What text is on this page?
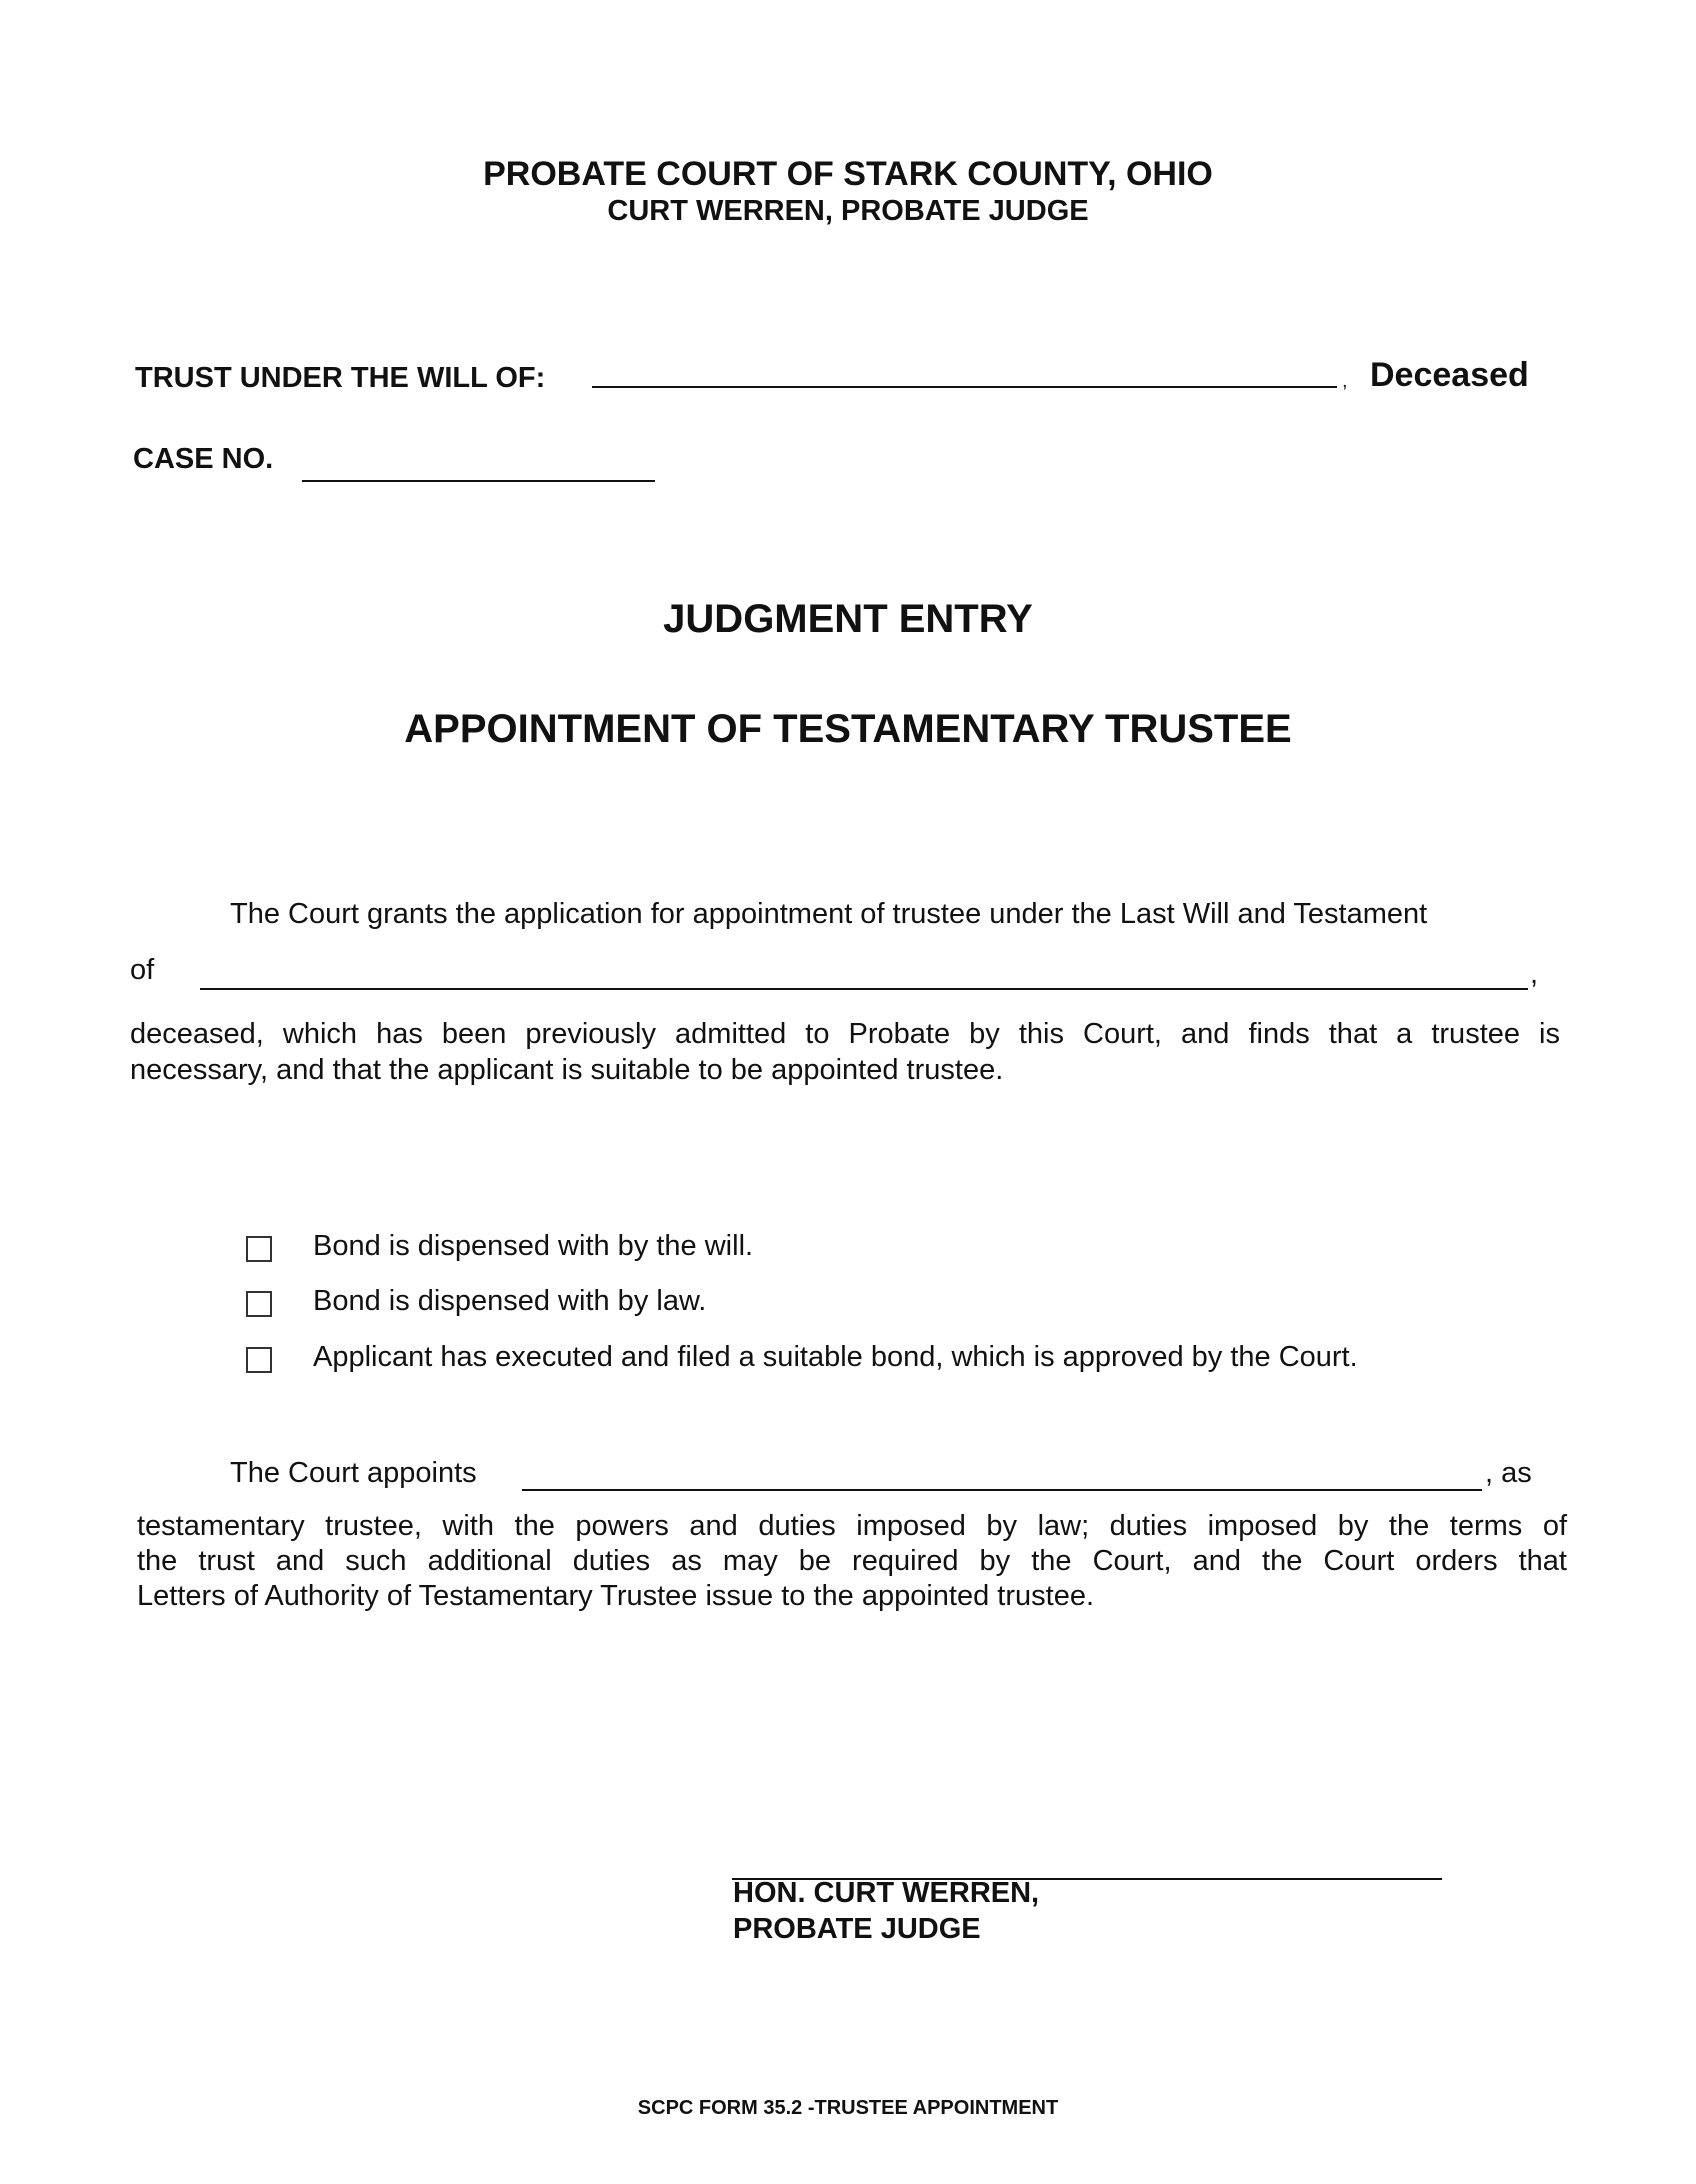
PROBATE COURT OF STARK COUNTY, OHIO
CURT WERREN, PROBATE JUDGE
TRUST UNDER THE WILL OF:	, Deceased
CASE NO.
JUDGMENT ENTRY
APPOINTMENT OF TESTAMENTARY TRUSTEE
The Court grants the application for appointment of trustee under the Last Will and Testament
of	,
deceased, which has been previously admitted to Probate by this Court, and finds that a trustee is
necessary, and that the applicant is suitable to be appointed trustee.
Bond is dispensed with by the will.
Bond is dispensed with by law.
Applicant has executed and filed a suitable bond, which is approved by the Court.
The Court appoints	, as
testamentary trustee, with the powers and duties imposed by law; duties imposed by the terms of
the trust and such additional duties as may be required by the Court, and the Court orders that
Letters of Authority of Testamentary Trustee issue to the appointed trustee.
HON. CURT WERREN,
PROBATE JUDGE
SCPC FORM 35.2 -TRUSTEE APPOINTMENT
